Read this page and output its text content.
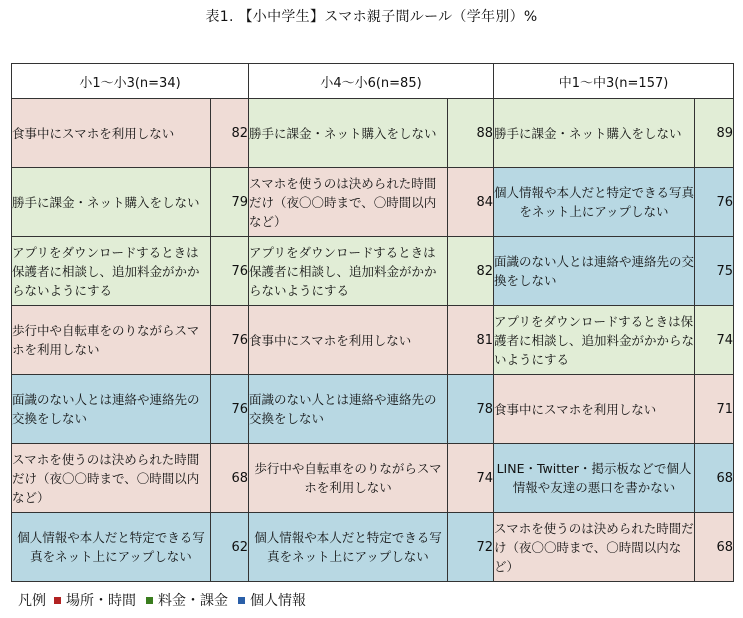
表1. 【小中学生】スマホ親子間ルール（学年別）%
小1～小3(n=34)		小4～小6(n=85)		中1～中3(n=157)	
食事中にスマホを利用しない	82	勝手に課金・ネット購入をしない	88	勝手に課金・ネット購入をしない	89
勝手に課金・ネット購入をしない	79	スマホを使うのは決められた時間だけ（夜〇〇時まで、〇時間以内など）	84	個人情報や本人だと特定できる写真をネット上にアップしない	76
アプリをダウンロードするときは保護者に相談し、追加料金がかからないようにする	76	アプリをダウンロードするときは保護者に相談し、追加料金がかからないようにする	82	面識のない人とは連絡や連絡先の交換をしない	75
歩行中や自転車をのりながらスマホを利用しない	76	食事中にスマホを利用しない	81	アプリをダウンロードするときは保護者に相談し、追加料金がかからないようにする	74
面識のない人とは連絡や連絡先の交換をしない	76	面識のない人とは連絡や連絡先の交換をしない	78	食事中にスマホを利用しない	71
スマホを使うのは決められた時間だけ（夜〇〇時まで、〇時間以内など）	68	歩行中や自転車をのりながらスマホを利用しない	74	LINE・Twitter・掲示板などで個人情報や友達の悪口を書かない	68
個人情報や本人だと特定できる写真をネット上にアップしない	62	個人情報や本人だと特定できる写真をネット上にアップしない	72	スマホを使うのは決められた時間だけ（夜〇〇時まで、〇時間以内など）	68
凡例 場所・時間 料金・課金 個人情報
